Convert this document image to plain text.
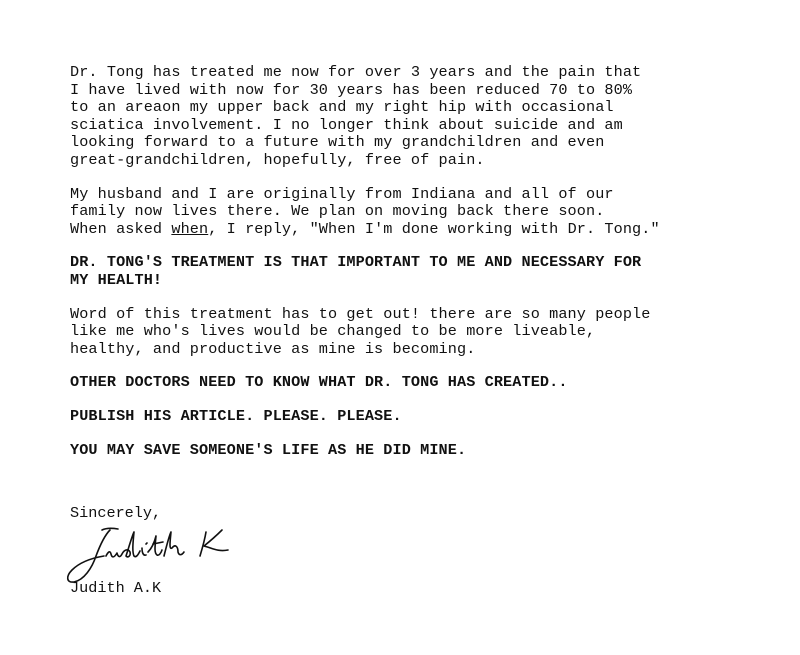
Dr. Tong has treated me now for over 3 years and the pain that
I have lived with now for 30 years has been reduced 70 to 80%
to an areaon my upper back and my right hip with occasional
sciatica involvement. I no longer think about suicide and am
looking forward to a future with my grandchildren and even
great-grandchildren, hopefully, free of pain.

My husband and I are originally from Indiana and all of our
family now lives there. We plan on moving back there soon.
When asked when, I reply, "When I'm done working with Dr. Tong."

DR. TONG'S TREATMENT IS THAT IMPORTANT TO ME AND NECESSARY FOR
MY HEALTH!

Word of this treatment has to get out! there are so many people
like me who's lives would be changed to be more liveable,
healthy, and productive as mine is becoming.

OTHER DOCTORS NEED TO KNOW WHAT DR. TONG HAS CREATED..

PUBLISH HIS ARTICLE. PLEASE. PLEASE.

YOU MAY SAVE SOMEONE'S LIFE AS HE DID MINE.

Sincerely,
Judith A.K
